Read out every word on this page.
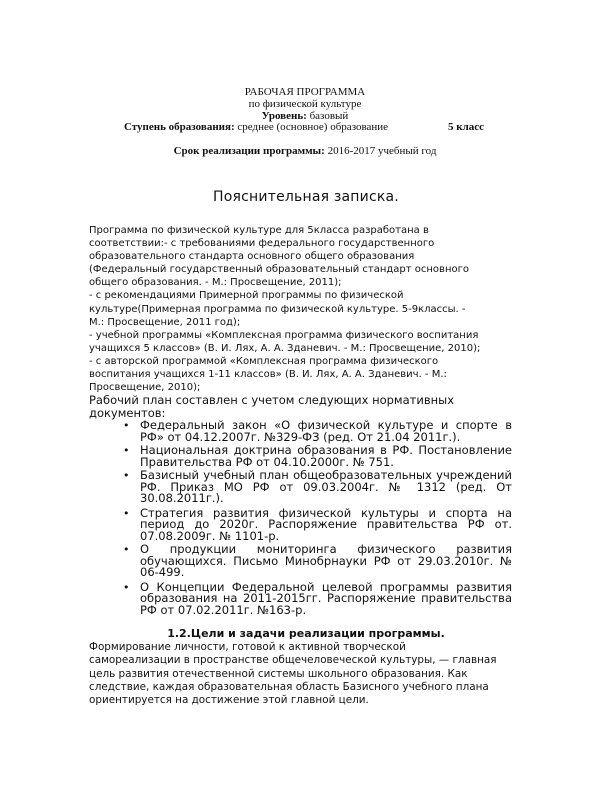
РАБОЧАЯ ПРОГРАММА
по физической культуре
Уровень: базовый
Ступень образования: среднее (основное) образование	5 класс
Срок реализации программы: 2016-2017 учебный год
Пояснительная записка.
Программа по физической культуре для 5класса разработана в
соответствии:- с требованиями федерального государственного
образовательного стандарта основного общего образования
(Федеральный государственный образовательный стандарт основного
общего образования. - М.: Просвещение, 2011);
- с рекомендациями Примерной программы по физической
культуре(Примерная программа по физической культуре. 5-9классы. -
М.: Просвещение, 2011 год);
- учебной программы «Комплексная программа физического воспитания
учащихся 5 классов» (В. И. Лях, А. А. Зданевич. - М.: Просвещение, 2010);
- с авторской программой «Комплексная программа физического
воспитания учащихся 1-11 классов» (В. И. Лях, А. А. Зданевич. - М.:
Просвещение, 2010);
Рабочий план составлен с учетом следующих нормативных документов:
• Федеральный закон «О физической культуре и спорте в РФ» от 04.12.2007г. №329-ФЗ (ред. От 21.04 2011г.).
• Национальная доктрина образования в РФ. Постановление Правительства РФ от 04.10.2000г. № 751.
• Базисный учебный план общеобразовательных учреждений РФ. Приказ МО РФ от 09.03.2004г. № 1312 (ред. От 30.08.2011г.).
• Стратегия развития физической культуры и спорта на период до 2020г. Распоряжение правительства РФ от. 07.08.2009г. № 1101-р.
• О продукции мониторинга физического развития обучающихся. Письмо Минобрнауки РФ от 29.03.2010г. № 06-499.
• О Концепции Федеральной целевой программы развития образования на 2011-2015гг. Распоряжение правительства РФ от 07.02.2011г. №163-р.
1.2.Цели и задачи реализации программы.
Формирование личности, готовой к активной творческой
самореализации в пространстве общечеловеческой культуры, — главная
цель развития отечественной системы школьного образования. Как
следствие, каждая образовательная область Базисного учебного плана
ориентируется на достижение этой главной цели.
